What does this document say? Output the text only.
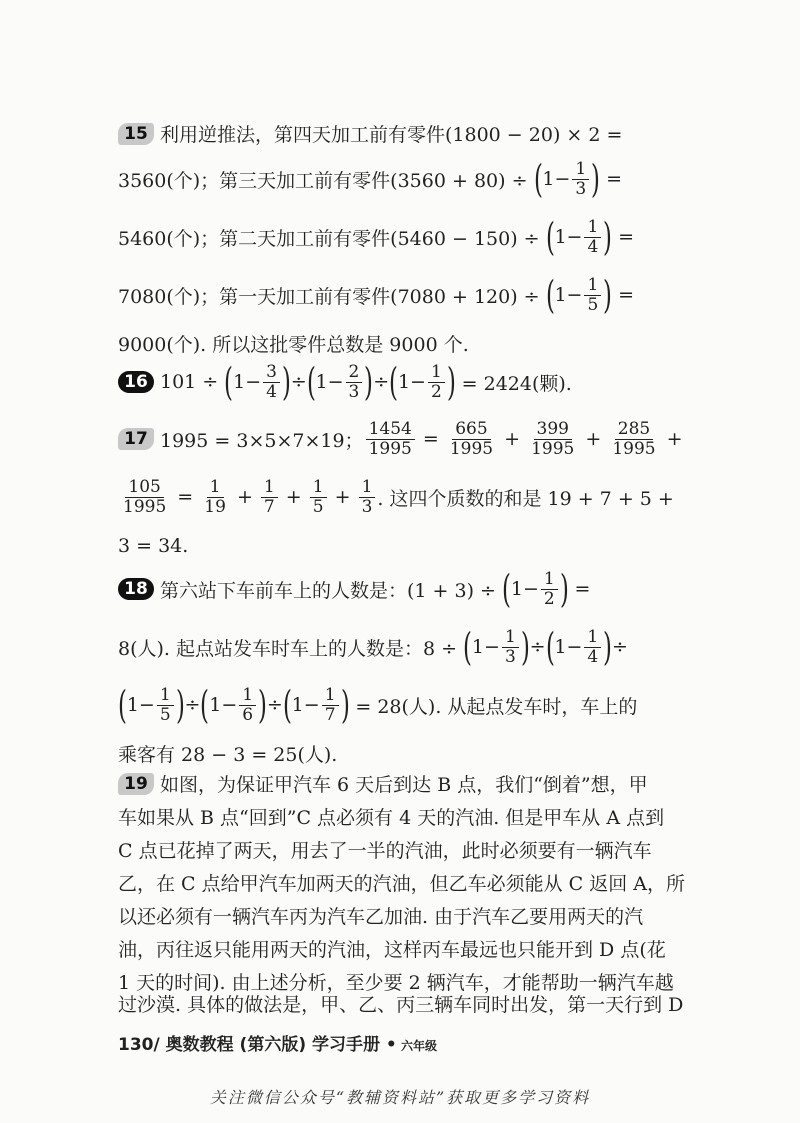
15 利用逆推法，第四天加工前有零件(1800 − 20) × 2 =
3560(个)；第三天加工前有零件(3560 + 80) ÷ ( $1 - \frac{1}{3}$ ) =
5460(个)；第二天加工前有零件(5460 − 150) ÷ ( $1 - \frac{1}{4}$ ) =
7080(个)；第一天加工前有零件(7080 + 120) ÷ ( $1 - \frac{1}{5}$ ) =
9000(个). 所以这批零件总数是 9000 个.
16 101 ÷ ( $1 - \frac{3}{4}$ ) ÷ ( $1 - \frac{2}{3}$ ) ÷ ( $1 - \frac{1}{2}$ ) = 2424(颗).
17 1995 = 3×5×7×19； $\frac{1454}{1995} = \frac{665}{1995} + \frac{399}{1995} + \frac{285}{1995}$ +
$\frac{105}{1995} = \frac{1}{19} + \frac{1}{7} + \frac{1}{5} + \frac{1}{3}$ . 这四个质数的和是 19 + 7 + 5 +
3 = 34.
18 第六站下车前车上的人数是：(1 + 3) ÷ ( $1 - \frac{1}{2}$ ) =
8(人). 起点站发车时车上的人数是：8 ÷ ( $1 - \frac{1}{3}$ ) ÷ ( $1 - \frac{1}{4}$ ) ÷
( $1 - \frac{1}{5}$ ) ÷ ( $1 - \frac{1}{6}$ ) ÷ ( $1 - \frac{1}{7}$ ) = 28(人). 从起点发车时，车上的
乘客有 28 − 3 = 25(人).
19 如图，为保证甲汽车 6 天后到达 B 点，我们“倒着”想，甲
车如果从 B 点“回到”C 点必须有 4 天的汽油. 但是甲车从 A 点到
C 点已花掉了两天，用去了一半的汽油，此时必须要有一辆汽车
乙，在 C 点给甲汽车加两天的汽油，但乙车必须能从 C 返回 A，所
以还必须有一辆汽车丙为汽车乙加油. 由于汽车乙要用两天的汽
油，丙往返只能用两天的汽油，这样丙车最远也只能开到 D 点(花
1 天的时间). 由上述分析，至少要 2 辆汽车，才能帮助一辆汽车越
过沙漠. 具体的做法是，甲、乙、丙三辆车同时出发，第一天行到 D
130/ 奥数教程 (第六版) 学习手册 • 六年级
关注微信公众号“教辅资料站”获取更多学习资料
